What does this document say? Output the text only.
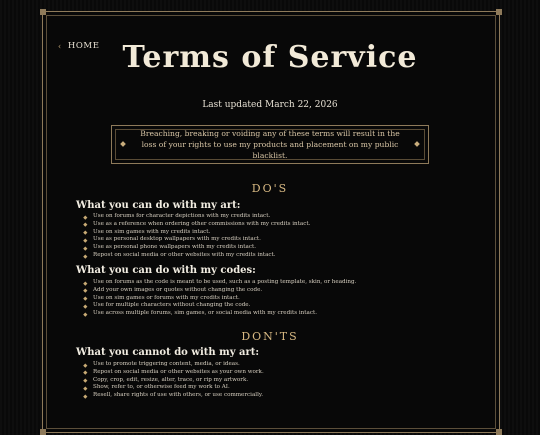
‹ HOME Terms of Service
Last updated March 22, 2026
Breaching, breaking or voiding any of these terms will result in the loss of your rights to use my products and placement on my public blacklist.
DO'S
What you can do with my art:
Use on forums for character depictions with my credits intact.
Use as a reference when ordering other commissions with my credits intact.
Use on sim games with my credits intact.
Use as personal desktop wallpapers with my credits intact.
Use as personal phone wallpapers with my credits intact.
Repost on social media or other websites with my credits intact.
What you can do with my codes:
Use on forums as the code is meant to be used, such as a posting template, skin, or heading.
Add your own images or quotes without changing the code.
Use on sim games or forums with my credits intact.
Use for multiple characters without changing the code.
Use across multiple forums, sim games, or social media with my credits intact.
DON'TS
What you cannot do with my art:
Use to promote triggering content, media, or ideas.
Repost on social media or other websites as your own work.
Copy, crop, edit, resize, alter, trace, or rip my artwork.
Show, refer to, or otherwise feed my work to AI.
Resell, share rights of use with others, or use commercially.
